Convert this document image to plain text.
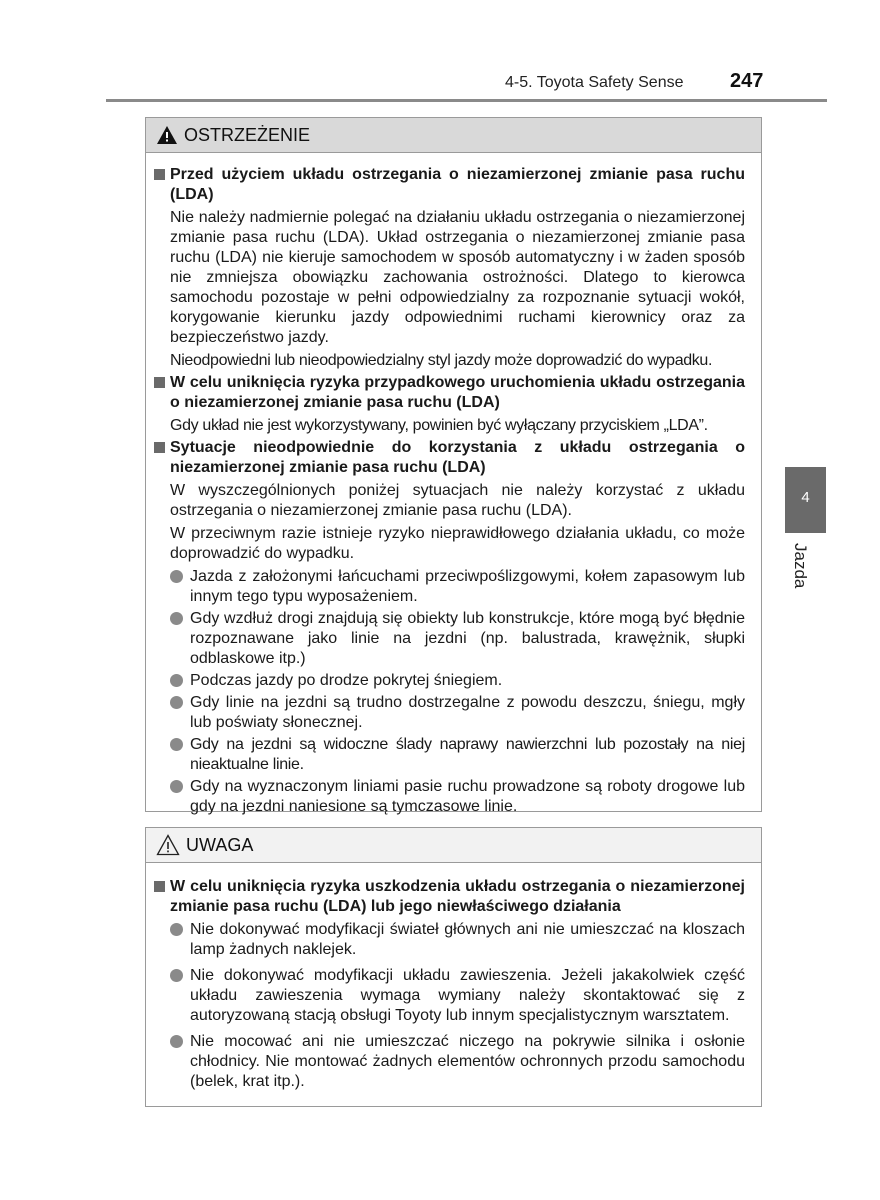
4-5. Toyota Safety Sense 247
4
Jazda
OSTRZEŻENIE
Przed użyciem układu ostrzegania o niezamierzonej zmianie pasa ruchu (LDA)
Nie należy nadmiernie polegać na działaniu układu ostrzegania o niezamierzonej zmianie pasa ruchu (LDA). Układ ostrzegania o niezamierzonej zmianie pasa ruchu (LDA) nie kieruje samochodem w sposób automatyczny i w żaden sposób nie zmniejsza obowiązku zachowania ostrożności. Dlatego to kierowca samochodu pozostaje w pełni odpowiedzialny za rozpoznanie sytuacji wokół, korygowanie kierunku jazdy odpowiednimi ruchami kierownicy oraz za bezpieczeństwo jazdy.
Nieodpowiedni lub nieodpowiedzialny styl jazdy może doprowadzić do wypadku.
W celu uniknięcia ryzyka przypadkowego uruchomienia układu ostrzegania o niezamierzonej zmianie pasa ruchu (LDA)
Gdy układ nie jest wykorzystywany, powinien być wyłączany przyciskiem „LDA”.
Sytuacje nieodpowiednie do korzystania z układu ostrzegania o niezamierzonej zmianie pasa ruchu (LDA)
W wyszczególnionych poniżej sytuacjach nie należy korzystać z układu ostrzegania o niezamierzonej zmianie pasa ruchu (LDA).
W przeciwnym razie istnieje ryzyko nieprawidłowego działania układu, co może doprowadzić do wypadku.
Jazda z założonymi łańcuchami przeciwpoślizgowymi, kołem zapasowym lub innym tego typu wyposażeniem.
Gdy wzdłuż drogi znajdują się obiekty lub konstrukcje, które mogą być błędnie rozpoznawane jako linie na jezdni (np. balustrada, krawężnik, słupki odblaskowe itp.)
Podczas jazdy po drodze pokrytej śniegiem.
Gdy linie na jezdni są trudno dostrzegalne z powodu deszczu, śniegu, mgły lub poświaty słonecznej.
Gdy na jezdni są widoczne ślady naprawy nawierzchni lub pozostały na niej nieaktualne linie.
Gdy na wyznaczonym liniami pasie ruchu prowadzone są roboty drogowe lub gdy na jezdni naniesione są tymczasowe linie.
UWAGA
W celu uniknięcia ryzyka uszkodzenia układu ostrzegania o niezamierzonej zmianie pasa ruchu (LDA) lub jego niewłaściwego działania
Nie dokonywać modyfikacji świateł głównych ani nie umieszczać na kloszach lamp żadnych naklejek.
Nie dokonywać modyfikacji układu zawieszenia. Jeżeli jakakolwiek część układu zawieszenia wymaga wymiany należy skontaktować się z autoryzowaną stacją obsługi Toyoty lub innym specjalistycznym warsztatem.
Nie mocować ani nie umieszczać niczego na pokrywie silnika i osłonie chłodnicy. Nie montować żadnych elementów ochronnych przodu samochodu (belek, krat itp.).
